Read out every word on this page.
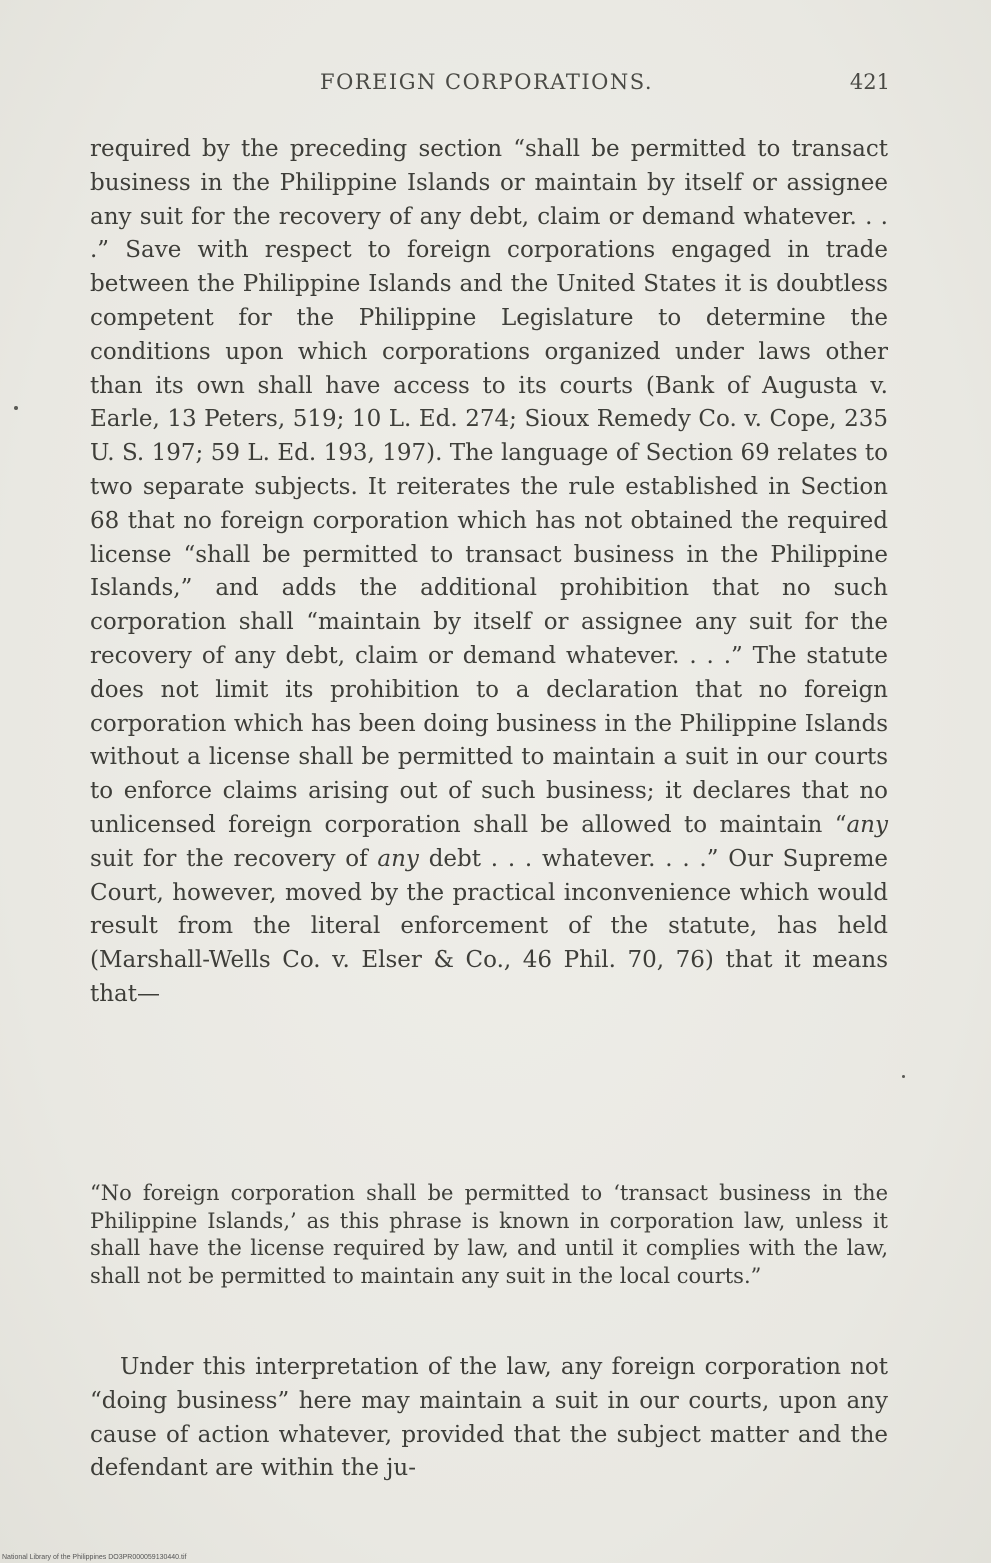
FOREIGN CORPORATIONS.	421

required by the preceding section “shall be permitted to transact business in the Philippine Islands or maintain by itself or assignee any suit for the recovery of any debt, claim or demand whatever. . . .” Save with respect to foreign corporations engaged in trade between the Philippine Islands and the United States it is doubtless competent for the Philippine Legislature to determine the conditions upon which corporations organized under laws other than its own shall have access to its courts (Bank of Augusta v. Earle, 13 Peters, 519; 10 L. Ed. 274; Sioux Remedy Co. v. Cope, 235 U. S. 197; 59 L. Ed. 193, 197). The language of Section 69 relates to two separate subjects. It reiterates the rule established in Section 68 that no foreign corporation which has not obtained the required license “shall be permitted to transact business in the Philippine Islands,” and adds the additional prohibition that no such corporation shall “maintain by itself or assignee any suit for the recovery of any debt, claim or demand whatever. . . .” The statute does not limit its prohibition to a declaration that no foreign corporation which has been doing business in the Philippine Islands without a license shall be permitted to maintain a suit in our courts to enforce claims arising out of such business; it declares that no unlicensed foreign corporation shall be allowed to maintain “any suit for the recovery of any debt . . . whatever. . . .” Our Supreme Court, however, moved by the practical inconvenience which would result from the literal enforcement of the statute, has held (Marshall-Wells Co. v. Elser & Co., 46 Phil. 70, 76) that it means that—

“No foreign corporation shall be permitted to ‘transact business in the Philippine Islands,’ as this phrase is known in corporation law, unless it shall have the license required by law, and until it complies with the law, shall not be permitted to maintain any suit in the local courts.”

Under this interpretation of the law, any foreign corporation not “doing business” here may maintain a suit in our courts, upon any cause of action whatever, provided that the subject matter and the defendant are within the ju-

National Library of the Philippines DO3PR000059130440.tif
